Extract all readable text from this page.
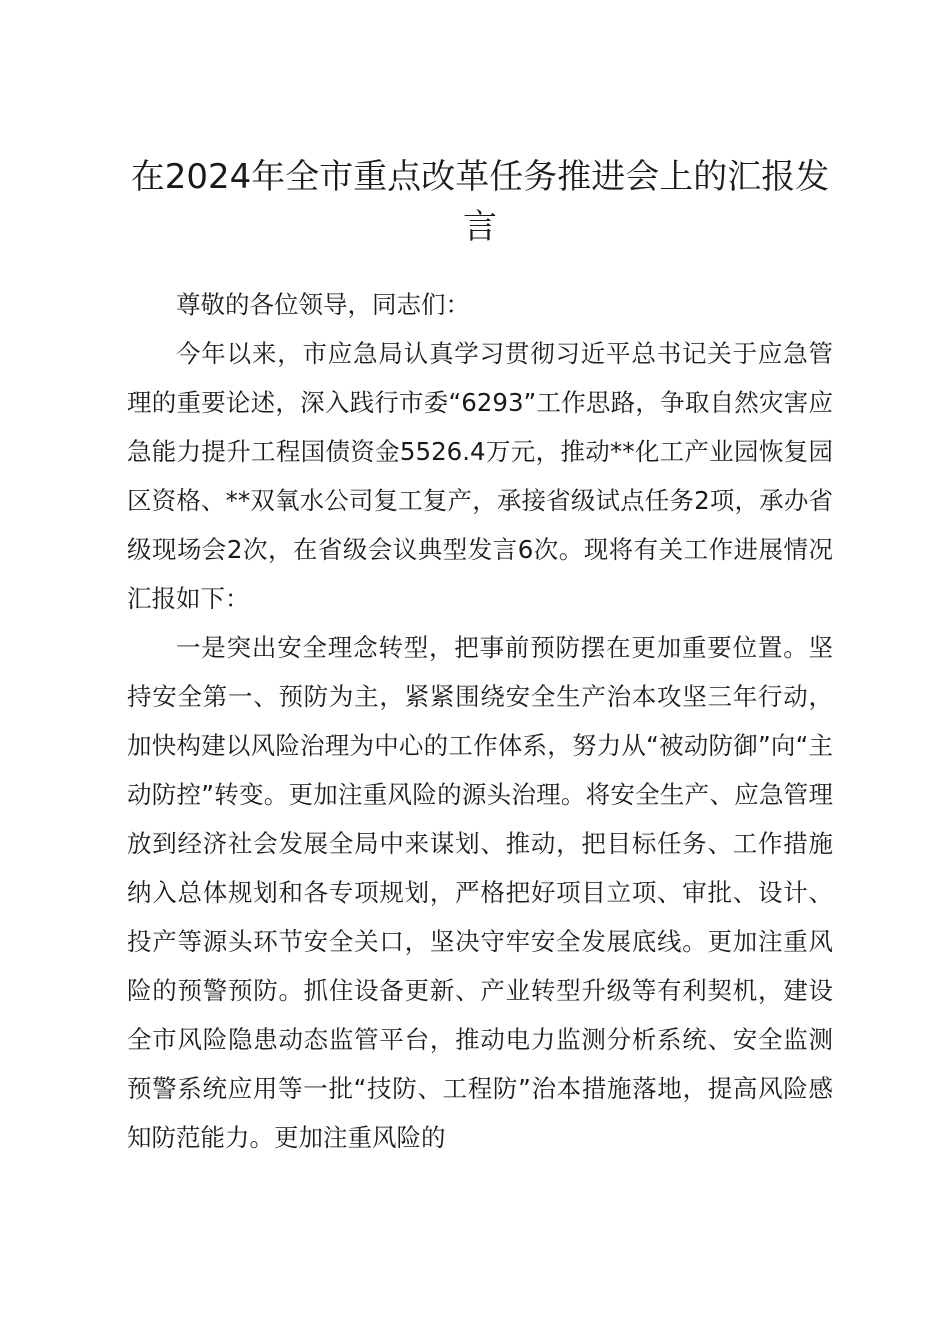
在2024年全市重点改革任务推进会上的汇报发言

尊敬的各位领导，同志们：

今年以来，市应急局认真学习贯彻习近平总书记关于应急管理的重要论述，深入践行市委“6293”工作思路，争取自然灾害应急能力提升工程国债资金5526.4万元，推动**化工产业园恢复园区资格、**双氧水公司复工复产，承接省级试点任务2项，承办省级现场会2次，在省级会议典型发言6次。现将有关工作进展情况汇报如下：

一是突出安全理念转型，把事前预防摆在更加重要位置。坚持安全第一、预防为主，紧紧围绕安全生产治本攻坚三年行动，加快构建以风险治理为中心的工作体系，努力从“被动防御”向“主动防控”转变。更加注重风险的源头治理。将安全生产、应急管理放到经济社会发展全局中来谋划、推动，把目标任务、工作措施纳入总体规划和各专项规划，严格把好项目立项、审批、设计、投产等源头环节安全关口，坚决守牢安全发展底线。更加注重风险的预警预防。抓住设备更新、产业转型升级等有利契机，建设全市风险隐患动态监管平台，推动电力监测分析系统、安全监测预警系统应用等一批“技防、工程防”治本措施落地，提高风险感知防范能力。更加注重风险的
